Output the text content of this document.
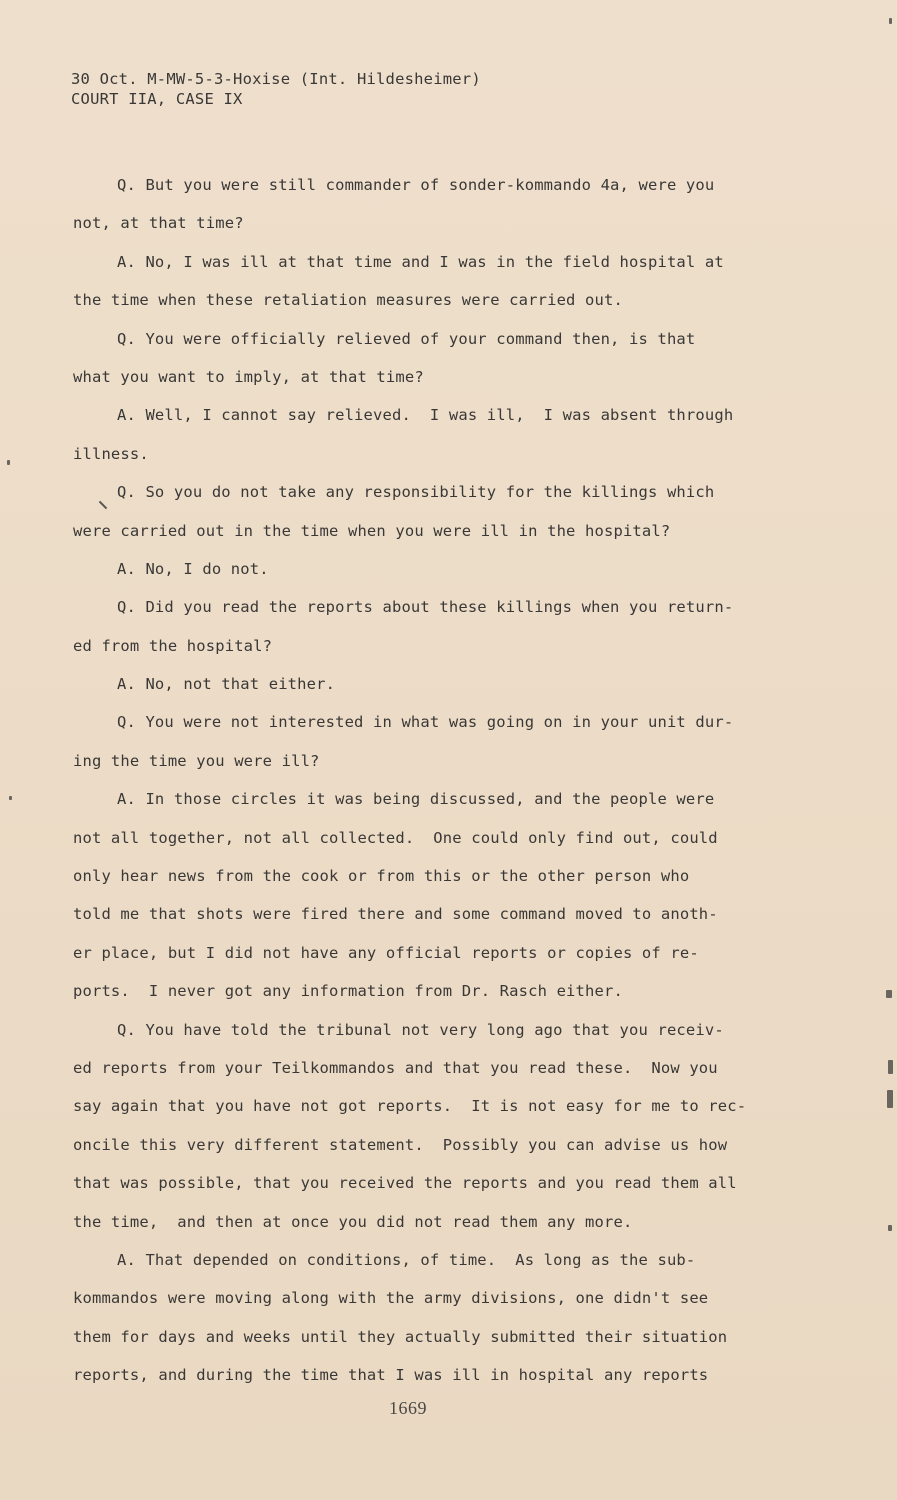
30 Oct. M-MW-5-3-Hoxise (Int. Hildesheimer)
COURT IIA, CASE IX
Q. But you were still commander of sonder-kommando 4a, were you
not, at that time?
A. No, I was ill at that time and I was in the field hospital at
the time when these retaliation measures were carried out.
Q. You were officially relieved of your command then, is that
what you want to imply, at that time?
A. Well, I cannot say relieved.  I was ill,  I was absent through
illness.
Q. So you do not take any responsibility for the killings which
were carried out in the time when you were ill in the hospital?
A. No, I do not.
Q. Did you read the reports about these killings when you return-
ed from the hospital?
A. No, not that either.
Q. You were not interested in what was going on in your unit dur-
ing the time you were ill?
A. In those circles it was being discussed, and the people were
not all together, not all collected.  One could only find out, could
only hear news from the cook or from this or the other person who
told me that shots were fired there and some command moved to anoth-
er place, but I did not have any official reports or copies of re-
ports.  I never got any information from Dr. Rasch either.
Q. You have told the tribunal not very long ago that you receiv-
ed reports from your Teilkommandos and that you read these.  Now you
say again that you have not got reports.  It is not easy for me to rec-
oncile this very different statement.  Possibly you can advise us how
that was possible, that you received the reports and you read them all
the time,  and then at once you did not read them any more.
A. That depended on conditions, of time.  As long as the sub-
kommandos were moving along with the army divisions, one didn't see
them for days and weeks until they actually submitted their situation
reports, and during the time that I was ill in hospital any reports
1669
